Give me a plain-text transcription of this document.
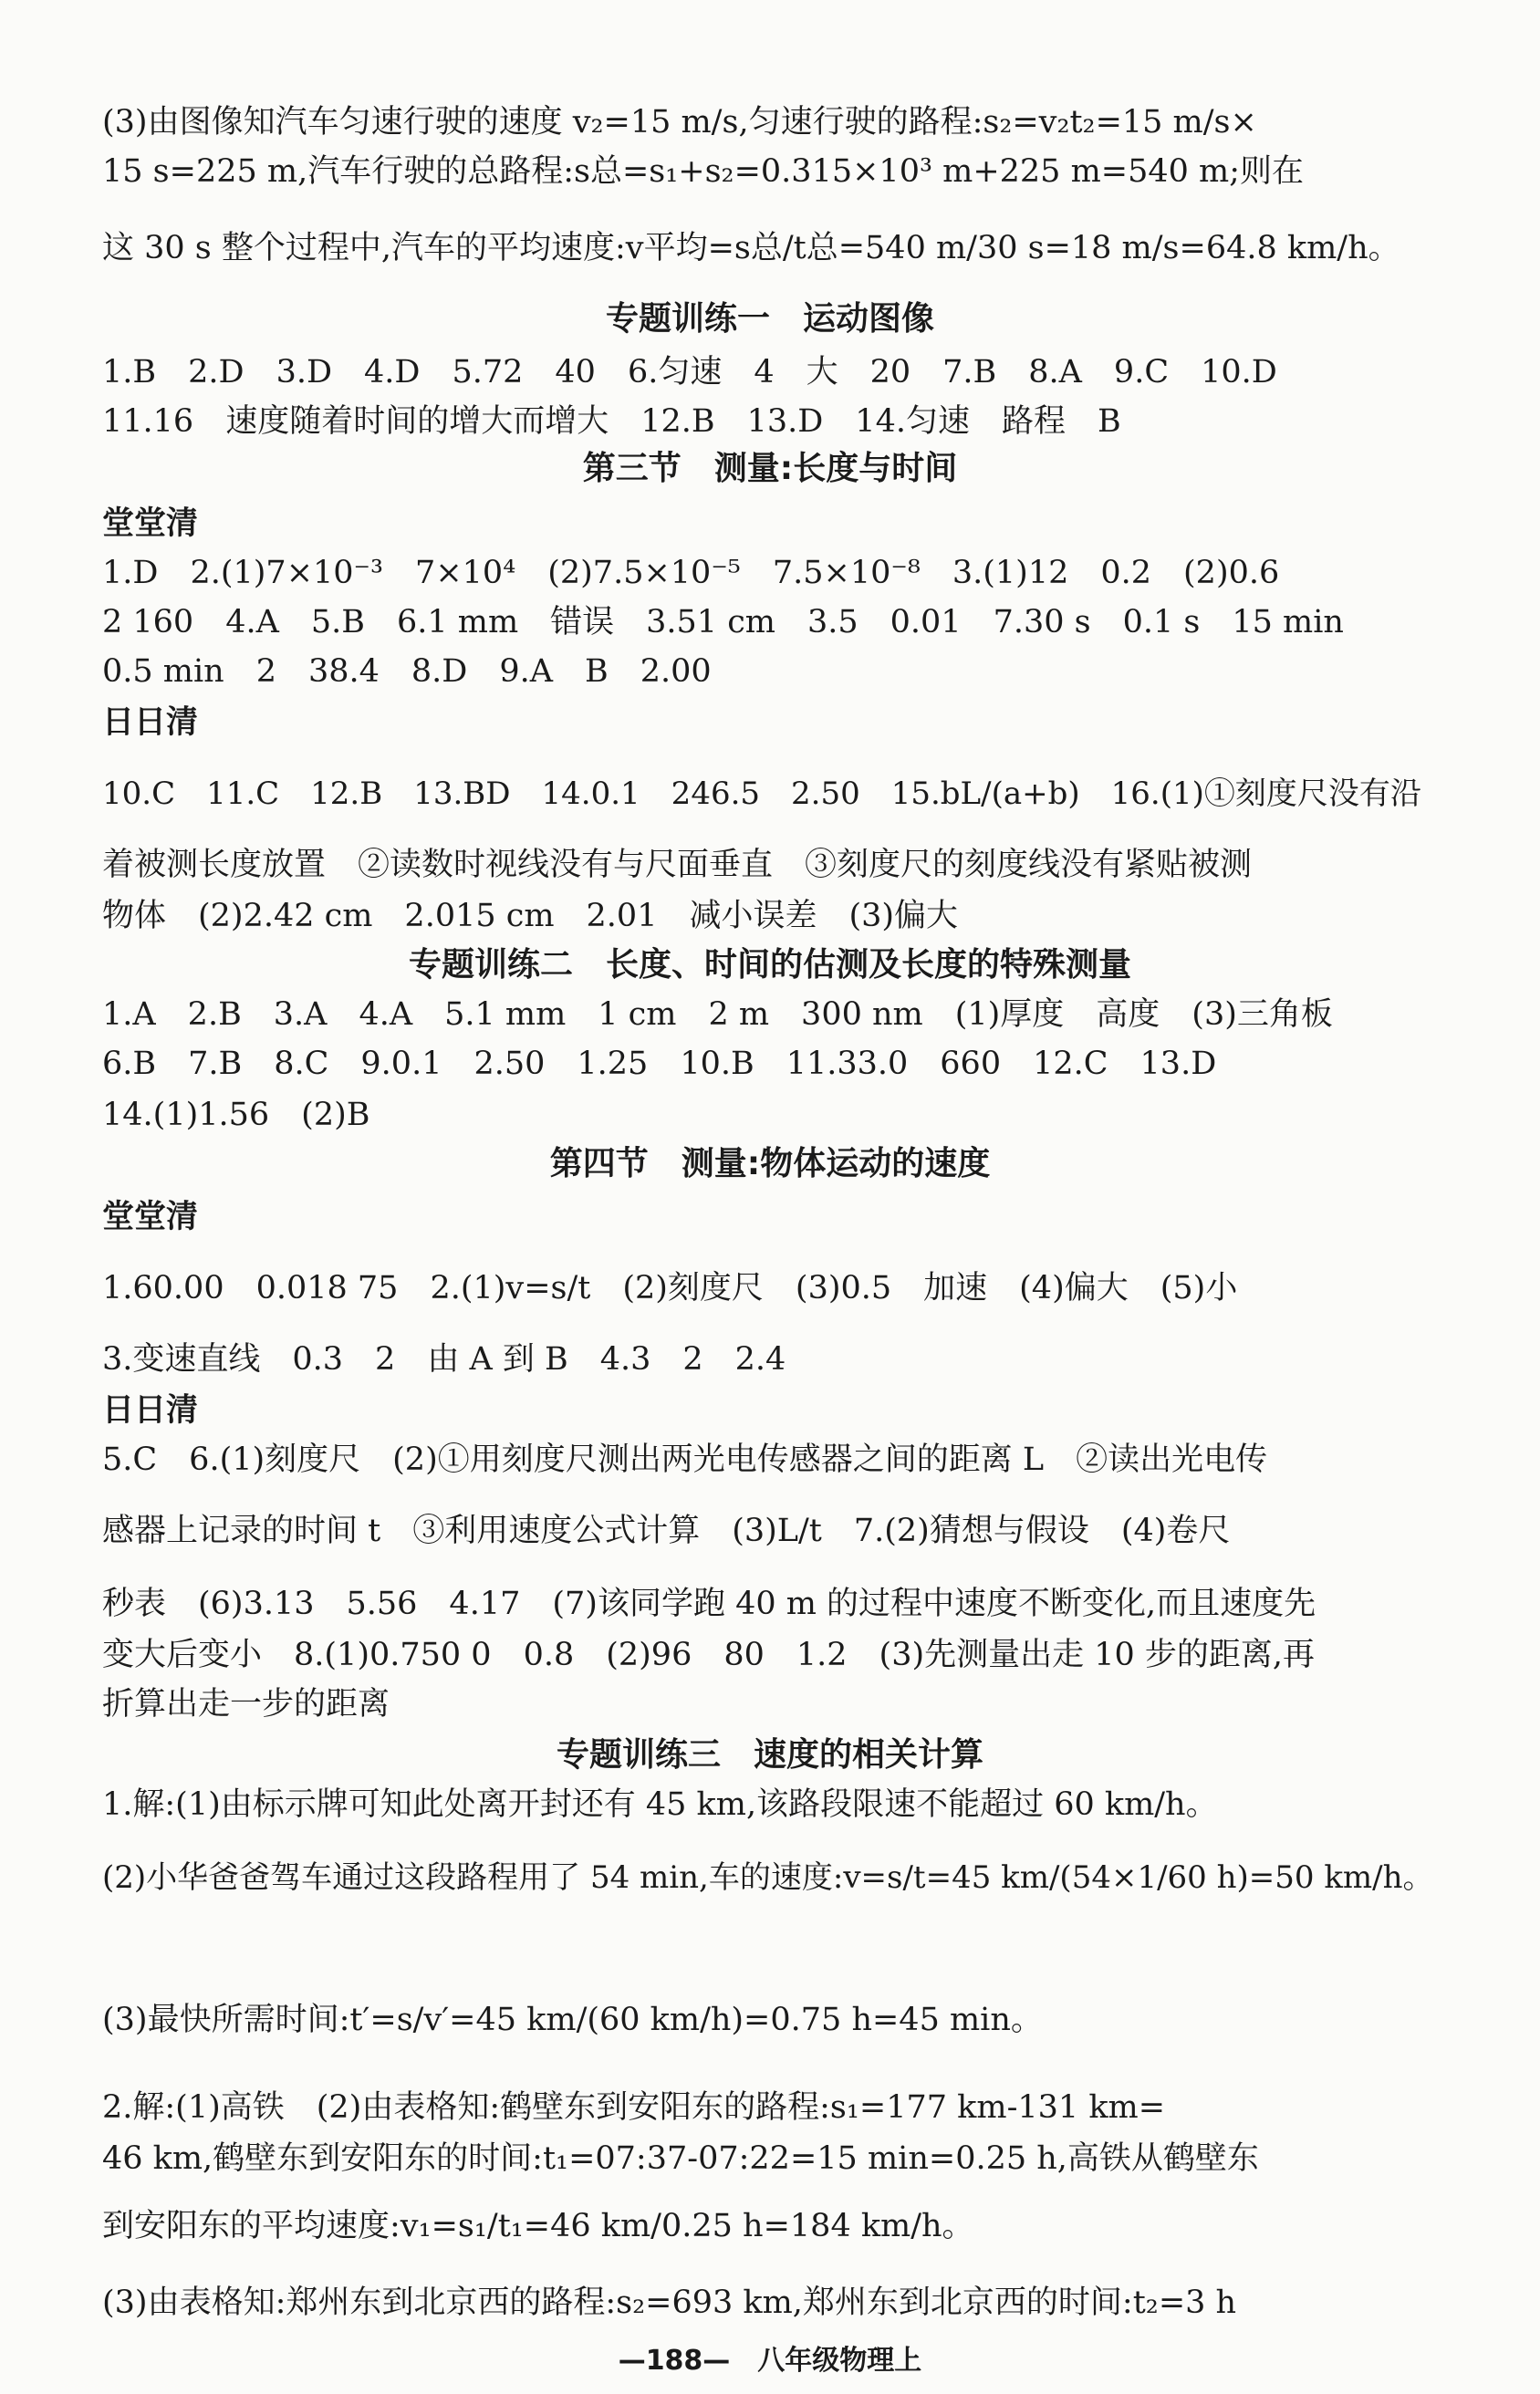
(3)由图像知汽车匀速行驶的速度 v₂=15 m/s,匀速行驶的路程:s₂=v₂t₂=15 m/s×
15 s=225 m,汽车行驶的总路程:s总=s₁+s₂=0.315×10³ m+225 m=540 m;则在
这 30 s 整个过程中,汽车的平均速度:v平均=s总/t总=540 m/30 s=18 m/s=64.8 km/h。
专题训练一　运动图像
1.B　2.D　3.D　4.D　5.72　40　6.匀速　4　大　20　7.B　8.A　9.C　10.D
11.16　速度随着时间的增大而增大　12.B　13.D　14.匀速　路程　B
第三节　测量:长度与时间
堂堂清
1.D　2.(1)7×10⁻³　7×10⁴　(2)7.5×10⁻⁵　7.5×10⁻⁸　3.(1)12　0.2　(2)0.6
2 160　4.A　5.B　6.1 mm　错误　3.51 cm　3.5　0.01　7.30 s　0.1 s　15 min
0.5 min　2　38.4　8.D　9.A　B　2.00
日日清
10.C　11.C　12.B　13.BD　14.0.1　246.5　2.50　15.bL/(a+b)　16.(1)①刻度尺没有沿
着被测长度放置　②读数时视线没有与尺面垂直　③刻度尺的刻度线没有紧贴被测
物体　(2)2.42 cm　2.015 cm　2.01　减小误差　(3)偏大
专题训练二　长度、时间的估测及长度的特殊测量
1.A　2.B　3.A　4.A　5.1 mm　1 cm　2 m　300 nm　(1)厚度　高度　(3)三角板
6.B　7.B　8.C　9.0.1　2.50　1.25　10.B　11.33.0　660　12.C　13.D
14.(1)1.56　(2)B
第四节　测量:物体运动的速度
堂堂清
1.60.00　0.018 75　2.(1)v=s/t　(2)刻度尺　(3)0.5　加速　(4)偏大　(5)小
3.变速直线　0.3　2　由 A 到 B　4.3　2　2.4
日日清
5.C　6.(1)刻度尺　(2)①用刻度尺测出两光电传感器之间的距离 L　②读出光电传
感器上记录的时间 t　③利用速度公式计算　(3)L/t　7.(2)猜想与假设　(4)卷尺
秒表　(6)3.13　5.56　4.17　(7)该同学跑 40 m 的过程中速度不断变化,而且速度先
变大后变小　8.(1)0.750 0　0.8　(2)96　80　1.2　(3)先测量出走 10 步的距离,再
折算出走一步的距离
专题训练三　速度的相关计算
1.解:(1)由标示牌可知此处离开封还有 45 km,该路段限速不能超过 60 km/h。
(2)小华爸爸驾车通过这段路程用了 54 min,车的速度:v=s/t=45 km/(54×1/60 h)=50 km/h。
(3)最快所需时间:t′=s/v′=45 km/(60 km/h)=0.75 h=45 min。
2.解:(1)高铁　(2)由表格知:鹤壁东到安阳东的路程:s₁=177 km-131 km=
46 km,鹤壁东到安阳东的时间:t₁=07:37-07:22=15 min=0.25 h,高铁从鹤壁东
到安阳东的平均速度:v₁=s₁/t₁=46 km/0.25 h=184 km/h。
(3)由表格知:郑州东到北京西的路程:s₂=693 km,郑州东到北京西的时间:t₂=3 h
—188—　八年级物理上
